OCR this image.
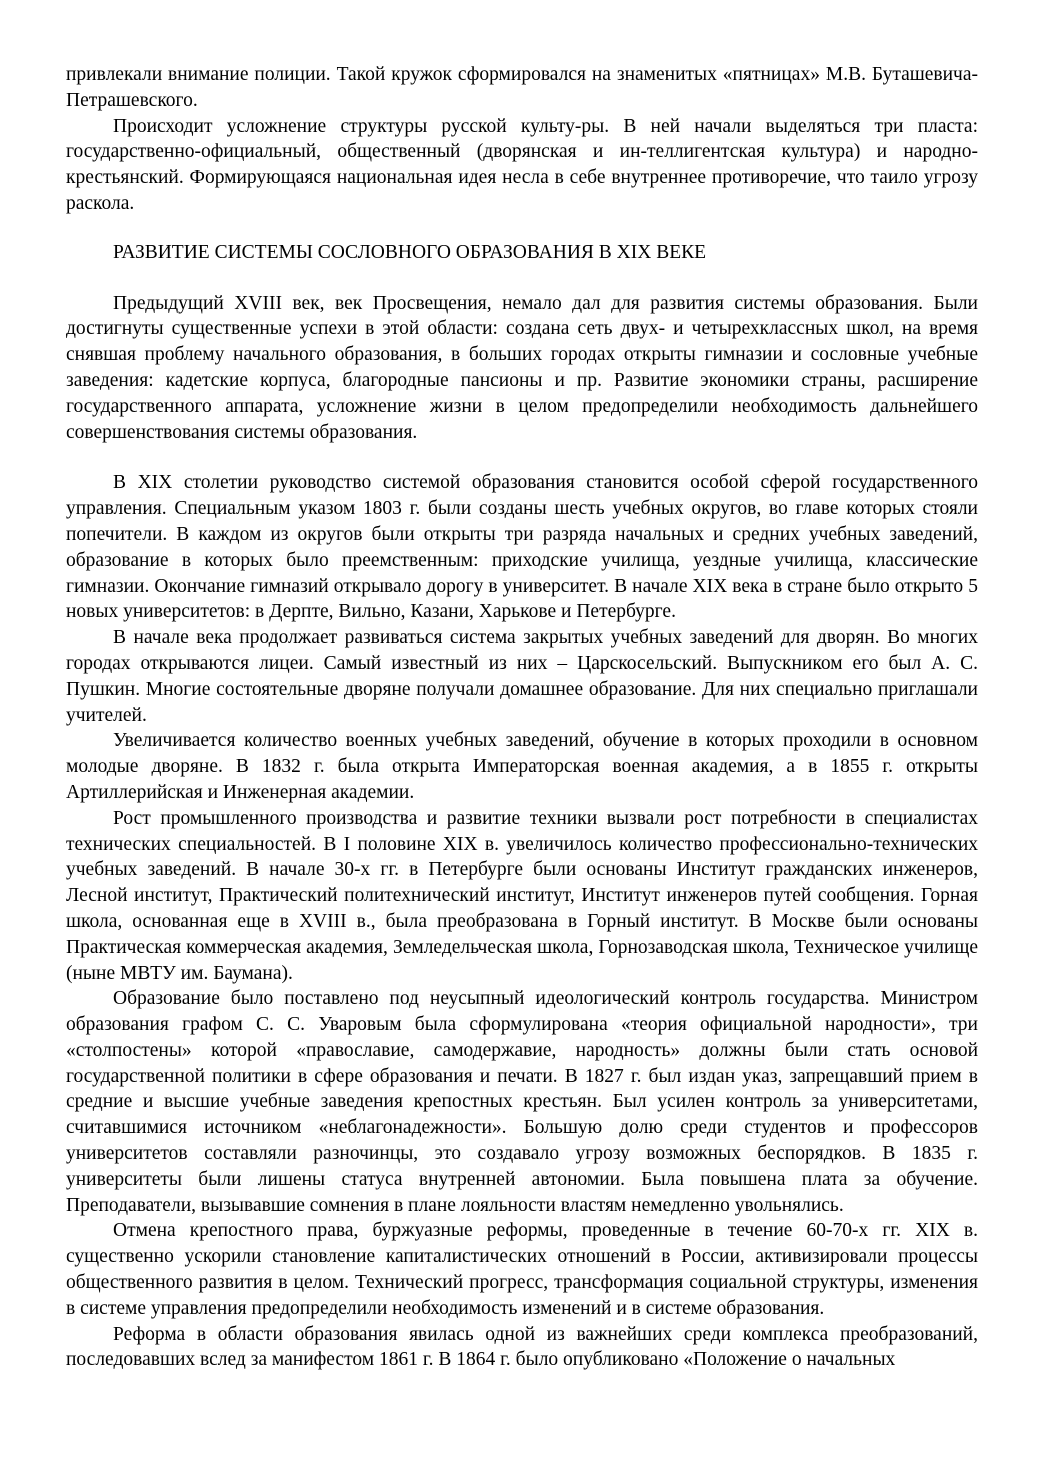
привлекали внимание полиции. Такой кружок сформировался на знаменитых «пятницах» М.В. Буташевича-Петрашевского.

Происходит усложнение структуры русской культу-ры. В ней начали выделяться три пласта: государственно-официальный, общественный (дворянская и ин-теллигентская культура) и народно-крестьянский. Формирующаяся национальная идея несла в себе внутреннее противоречие, что таило угрозу раскола.

РАЗВИТИЕ СИСТЕМЫ СОСЛОВНОГО ОБРАЗОВАНИЯ В XIX ВЕКЕ

Предыдущий XVIII век, век Просвещения, немало дал для развития системы образования. Были достигнуты существенные успехи в этой области: создана сеть двух- и четырехклассных школ, на время снявшая проблему начального образования, в больших городах открыты гимназии и сословные учебные заведения: кадетские корпуса, благородные пансионы и пр. Развитие экономики страны, расширение государственного аппарата, усложнение жизни в целом предопределили необходимость дальнейшего совершенствования системы образования.

В XIX столетии руководство системой образования становится особой сферой государственного управления. Специальным указом 1803 г. были созданы шесть учебных округов, во главе которых стояли попечители. В каждом из округов были открыты три разряда начальных и средних учебных заведений, образование в которых было преемственным: приходские училища, уездные училища, классические гимназии. Окончание гимназий открывало дорогу в университет. В начале XIX века в стране было открыто 5 новых университетов: в Дерпте, Вильно, Казани, Харькове и Петербурге.

В начале века продолжает развиваться система закрытых учебных заведений для дворян. Во многих городах открываются лицеи. Самый известный из них – Царскосельский. Выпускником его был А. С. Пушкин. Многие состоятельные дворяне получали домашнее образование. Для них специально приглашали учителей.

Увеличивается количество военных учебных заведений, обучение в которых проходили в основном молодые дворяне. В 1832 г. была открыта Императорская военная академия, а в 1855 г. открыты Артиллерийская и Инженерная академии.

Рост промышленного производства и развитие техники вызвали рост потребности в специалистах технических специальностей. В I половине XIX в. увеличилось количество профессионально-технических учебных заведений. В начале 30-х гг. в Петербурге были основаны Институт гражданских инженеров, Лесной институт, Практический политехнический институт, Институт инженеров путей сообщения. Горная школа, основанная еще в XVIII в., была преобразована в Горный институт. В Москве были основаны Практическая коммерческая академия, Земледельческая школа, Горнозаводская школа, Техническое училище (ныне МВТУ им. Баумана).

Образование было поставлено под неусыпный идеологический контроль государства. Министром образования графом С. С. Уваровым была сформулирована «теория официальной народности», три «столпостены» которой «православие, самодержавие, народность» должны были стать основой государственной политики в сфере образования и печати. В 1827 г. был издан указ, запрещавший прием в средние и высшие учебные заведения крепостных крестьян. Был усилен контроль за университетами, считавшимися источником «неблагонадежности». Большую долю среди студентов и профессоров университетов составляли разночинцы, это создавало угрозу возможных беспорядков. В 1835 г. университеты были лишены статуса внутренней автономии. Была повышена плата за обучение. Преподаватели, вызывавшие сомнения в плане лояльности властям немедленно увольнялись.

Отмена крепостного права, буржуазные реформы, проведенные в течение 60-70-х гг. XIX в. существенно ускорили становление капиталистических отношений в России, активизировали процессы общественного развития в целом. Технический прогресс, трансформация социальной структуры, изменения в системе управления предопределили необходимость изменений и в системе образования.

Реформа в области образования явилась одной из важнейших среди комплекса преобразований, последовавших вслед за манифестом 1861 г. В 1864 г. было опубликовано «Положение о начальных
